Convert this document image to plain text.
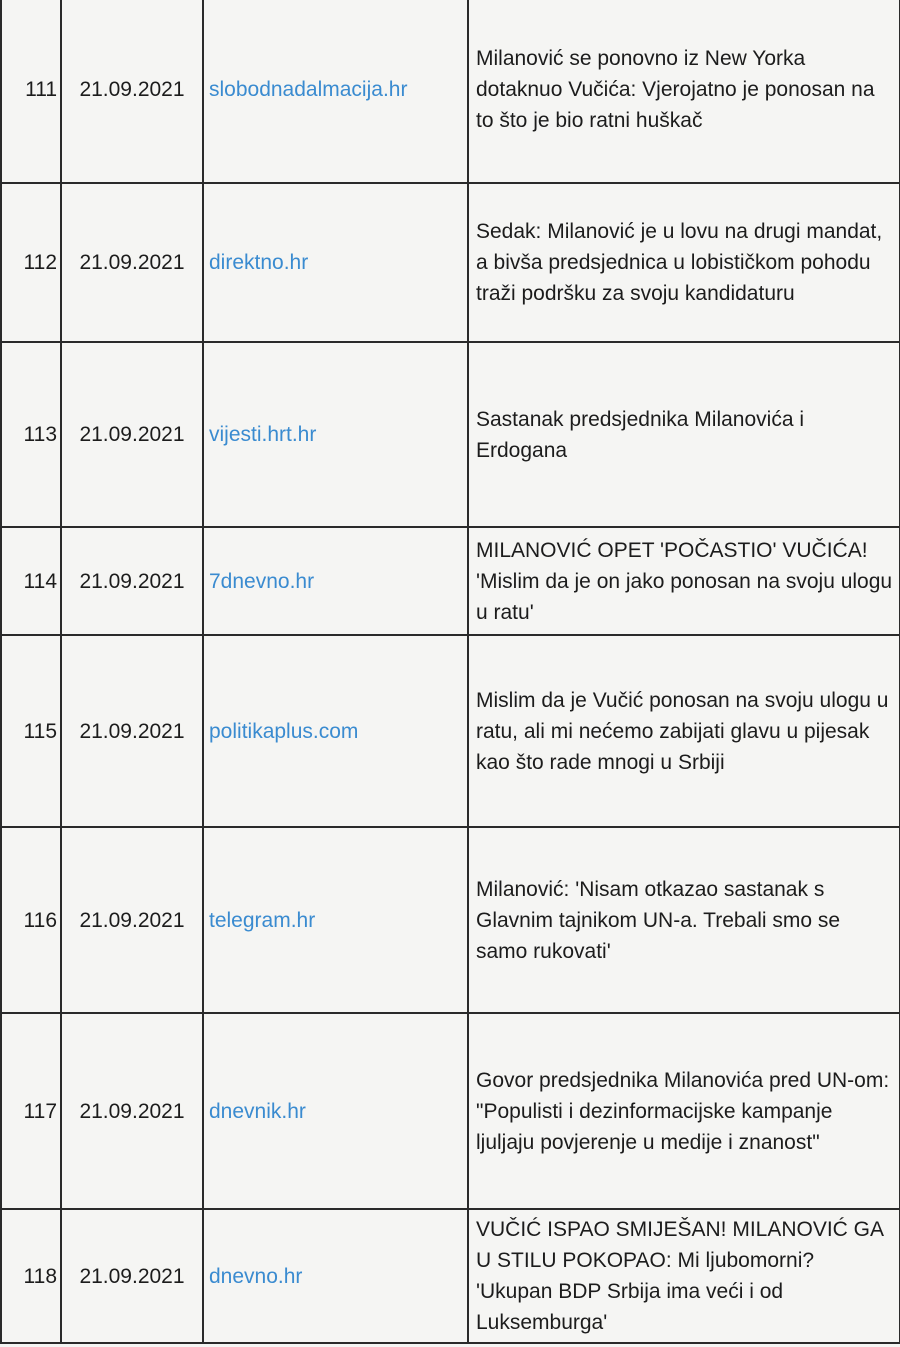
111	21.09.2021	slobodnadalmacija.hr	Milanović se ponovno iz New Yorka dotaknuo Vučića: Vjerojatno je ponosan na to što je bio ratni huškač
112	21.09.2021	direktno.hr	Sedak: Milanović je u lovu na drugi mandat, a bivša predsjednica u lobističkom pohodu traži podršku za svoju kandidaturu
113	21.09.2021	vijesti.hrt.hr	Sastanak predsjednika Milanovića i Erdogana
114	21.09.2021	7dnevno.hr	MILANOVIĆ OPET 'POČASTIO' VUČIĆA! 'Mislim da je on jako ponosan na svoju ulogu u ratu'
115	21.09.2021	politikaplus.com	Mislim da je Vučić ponosan na svoju ulogu u ratu, ali mi nećemo zabijati glavu u pijesak kao što rade mnogi u Srbiji
116	21.09.2021	telegram.hr	Milanović: 'Nisam otkazao sastanak s Glavnim tajnikom UN-a. Trebali smo se samo rukovati'
117	21.09.2021	dnevnik.hr	Govor predsjednika Milanovića pred UN-om: "Populisti i dezinformacijske kampanje ljuljaju povjerenje u medije i znanost"
118	21.09.2021	dnevno.hr	VUČIĆ ISPAO SMIJEŠAN! MILANOVIĆ GA U STILU POKOPAO: Mi ljubomorni? 'Ukupan BDP Srbija ima veći i od Luksemburga'
